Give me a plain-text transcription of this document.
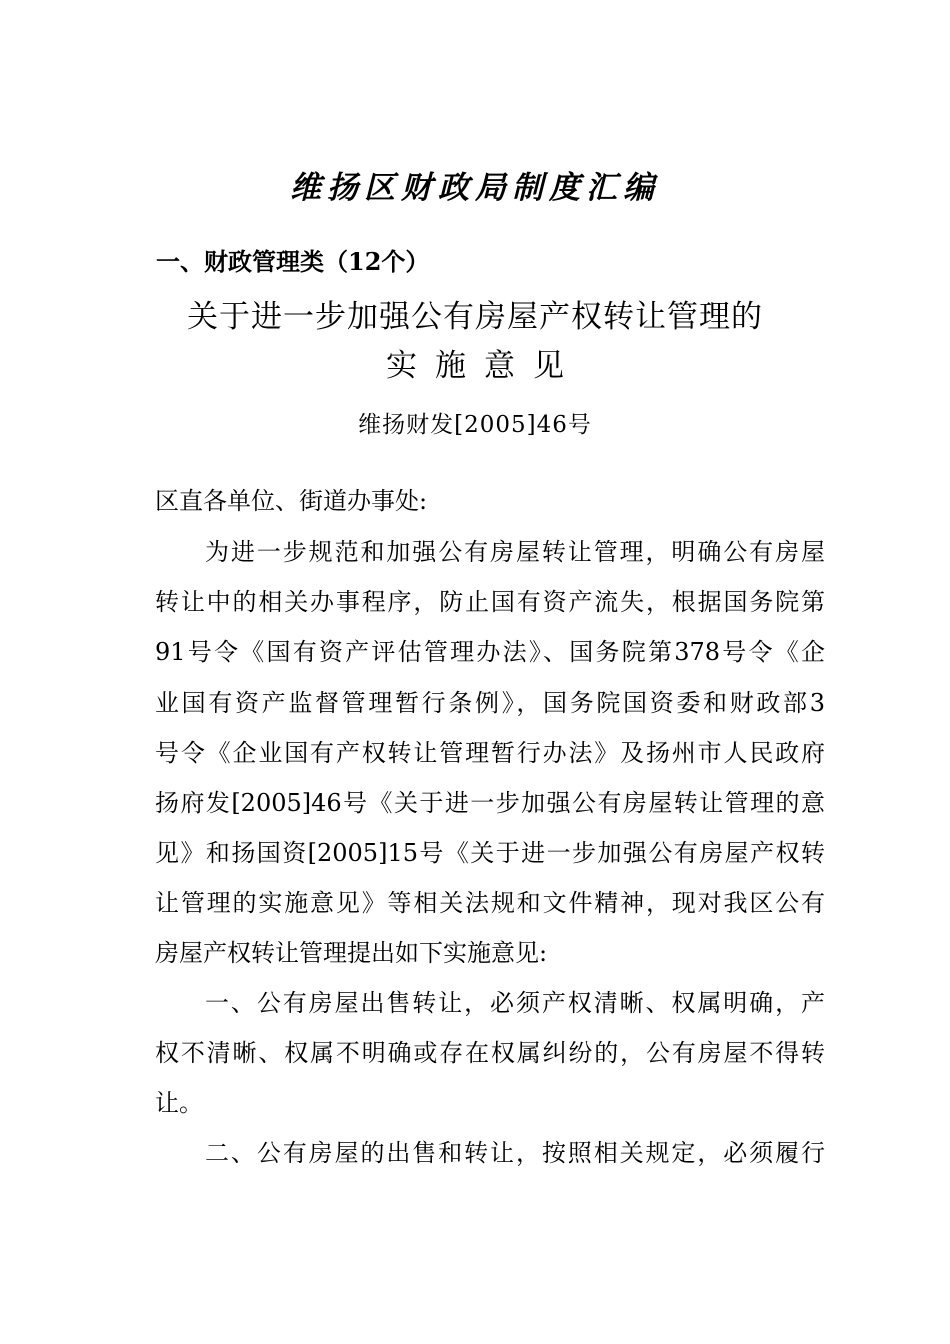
维扬区财政局制度汇编
一、财政管理类（12个）
关于进一步加强公有房屋产权转让管理的
实施意见
维扬财发[2005]46号
区直各单位、街道办事处:
为进一步规范和加强公有房屋转让管理，明确公有房屋
转让中的相关办事程序，防止国有资产流失，根据国务院第
91号令《国有资产评估管理办法》、国务院第378号令《企
业国有资产监督管理暂行条例》，国务院国资委和财政部3
号令《企业国有产权转让管理暂行办法》及扬州市人民政府
扬府发[2005]46号《关于进一步加强公有房屋转让管理的意
见》和扬国资[2005]15号《关于进一步加强公有房屋产权转
让管理的实施意见》等相关法规和文件精神，现对我区公有
房屋产权转让管理提出如下实施意见:
一、公有房屋出售转让，必须产权清晰、权属明确，产
权不清晰、权属不明确或存在权属纠纷的，公有房屋不得转
让。
二、公有房屋的出售和转让，按照相关规定，必须履行
